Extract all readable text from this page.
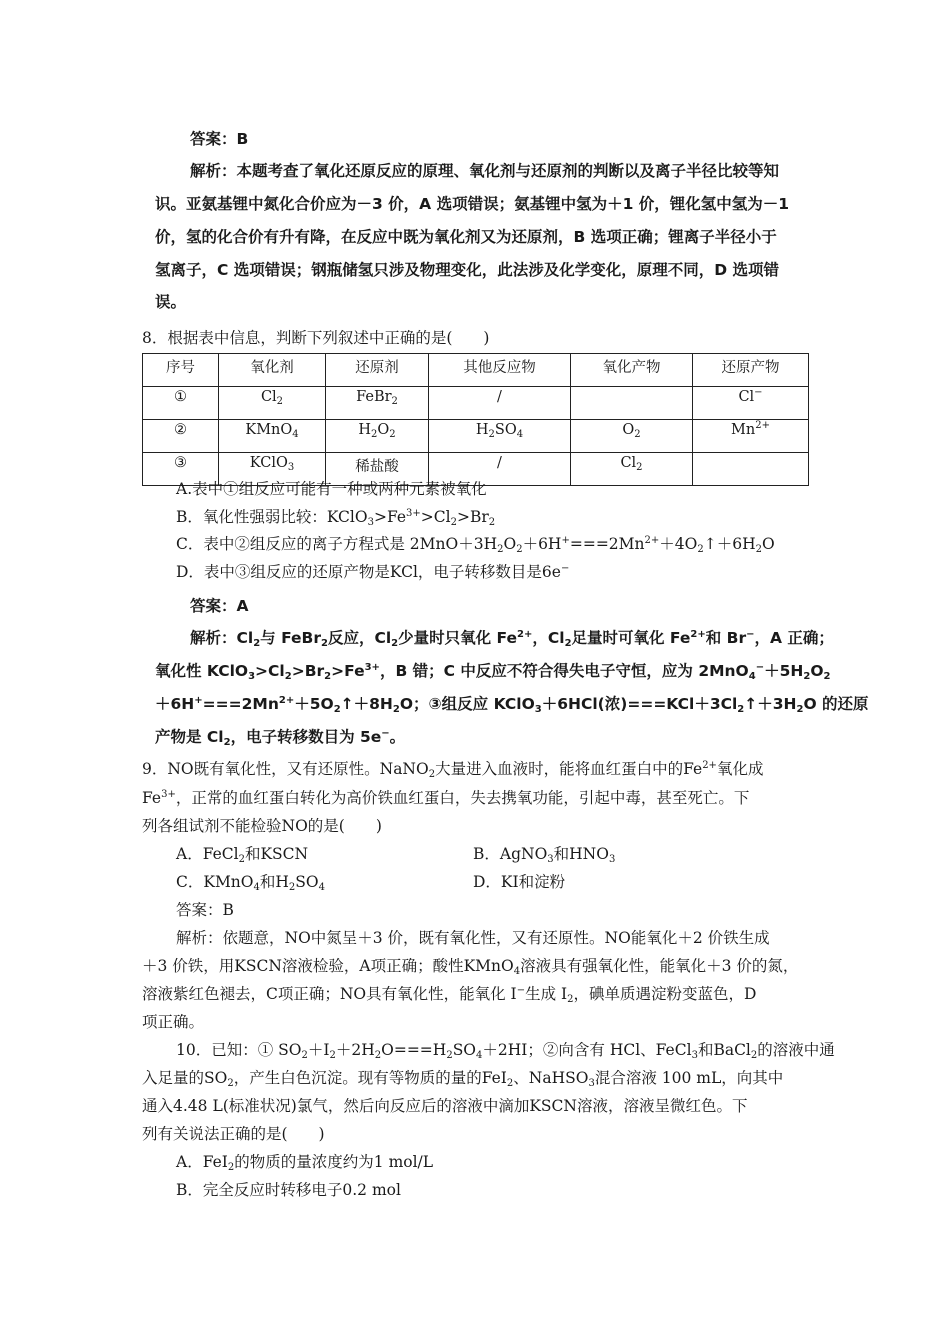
答案：B
解析：本题考查了氧化还原反应的原理、氧化剂与还原剂的判断以及离子半径比较等知
识。亚氨基锂中氮化合价应为－3 价，A 选项错误；氨基锂中氢为＋1 价，锂化氢中氢为－1
价，氢的化合价有升有降，在反应中既为氧化剂又为还原剂，B 选项正确；锂离子半径小于
氢离子，C 选项错误；钢瓶储氢只涉及物理变化，此法涉及化学变化，原理不同，D 选项错
误。
8．根据表中信息，判断下列叙述中正确的是(　　)
序号	氧化剂	还原剂	其他反应物	氧化产物	还原产物
①	$Cl_2$	FeBr$_2$	/		Cl−
②	KMnO$_4$	$H_2O_2$	$H_2SO_4$	$O_2$	$Mn^{2+}$
③	KClO$_3$	稀盐酸	/	$Cl_2$	
A.表中①组反应可能有一种或两种元素被氧化
B．氧化性强弱比较：$KClO_3>Fe^{3+}>Cl_2>Br_2$
C．表中②组反应的离子方程式是 $2MnO+3H_2O_2+6H^+===2Mn^{2+}+4O_2↑+6H_2O$
D．表中③组反应的还原产物是KCl，电子转移数目是6e−
答案：A
解析：$Cl_2$与 FeBr$_2$反应，$Cl_2$少量时只氧化 $Fe^{2+}$，$Cl_2$足量时可氧化 $Fe^{2+}$和 Br−，A 正确；
氧化性 $KClO_3>Cl_2>Br_2>Fe^{3+}$，B 错；C 中反应不符合得失电子守恒，应为 $2MnO_4^-+5H_2O_2$
$+6H^+===2Mn^{2+}+5O_2↑+8H_2O$；③组反应 KClO$_3$＋6HCl(浓)$===KCl+3Cl_2↑+3H_2O$ 的还原
产物是 $Cl_2$，电子转移数目为 5e−。
9．NO既有氧化性，又有还原性。NaNO$_2$大量进入血液时，能将血红蛋白中的$Fe^{2+}$氧化成
$Fe^{3+}$，正常的血红蛋白转化为高价铁血红蛋白，失去携氧功能，引起中毒，甚至死亡。下
列各组试剂不能检验NO的是(　　)
A．FeCl$_2$和KSCN	B．AgNO$_3$和$HNO_3$
C．KMnO$_4$和$H_2SO_4$	D．KI和淀粉
答案：B
解析：依题意，NO中氮呈＋3 价，既有氧化性，又有还原性。NO能氧化＋2 价铁生成
＋3 价铁，用KSCN溶液检验，A项正确；酸性KMnO$_4$溶液具有强氧化性，能氧化＋3 价的氮，
溶液紫红色褪去，C项正确；NO具有氧化性，能氧化 I−生成 $I_2$，碘单质遇淀粉变蓝色，D
项正确。
10．已知：① $SO_2+I_2+2H_2O===H_2SO_4+2HI$；②向含有 HCl、FeCl$_3$和BaCl$_2$的溶液中通
入足量的$SO_2$，产生白色沉淀。现有等物质的量的FeI$_2$、NaHSO$_3$混合溶液 100 mL，向其中
通入4.48 L(标准状况)氯气，然后向反应后的溶液中滴加KSCN溶液，溶液呈微红色。下
列有关说法正确的是(　　)
A．FeI$_2$的物质的量浓度约为1 mol/L
B．完全反应时转移电子0.2 mol
